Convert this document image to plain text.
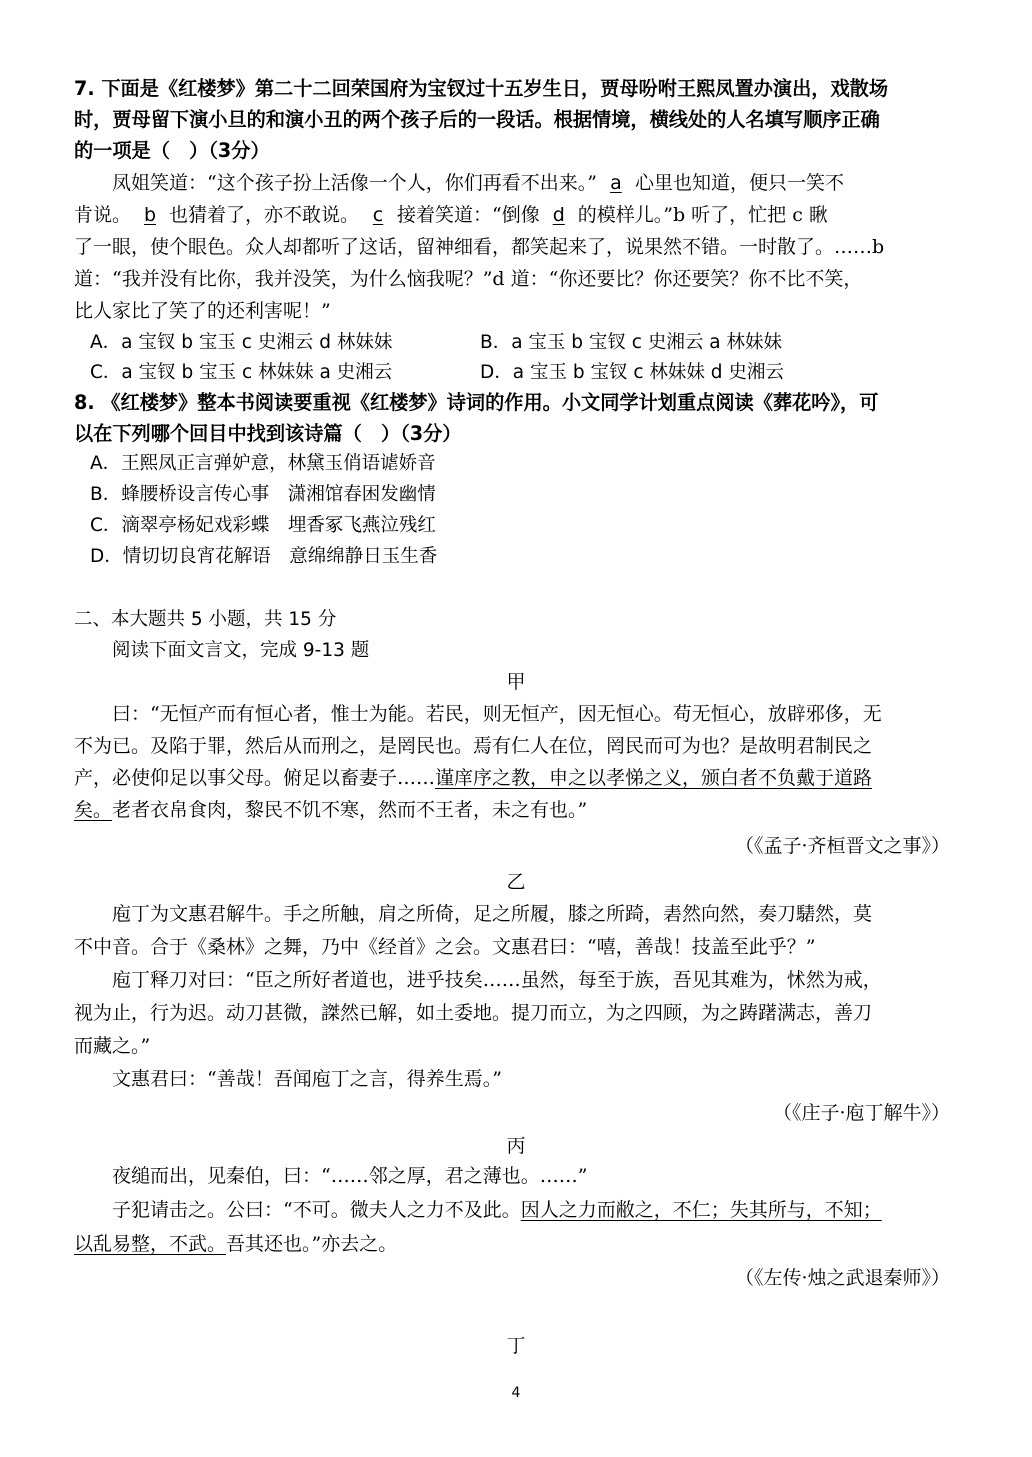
7. 下面是《红楼梦》第二十二回荣国府为宝钗过十五岁生日，贾母吩咐王熙凤置办演出，戏散场
时，贾母留下演小旦的和演小丑的两个孩子后的一段话。根据情境，横线处的人名填写顺序正确
的一项是（　）（3分）
凤姐笑道：“这个孩子扮上活像一个人，你们再看不出来。” a 心里也知道，便只一笑不
肯说。 b 也猜着了，亦不敢说。 c 接着笑道：“倒像 d 的模样儿。”b 听了，忙把 c 瞅
了一眼，使个眼色。众人却都听了这话，留神细看，都笑起来了，说果然不错。一时散了。……b
道：“我并没有比你，我并没笑，为什么恼我呢？”d 道：“你还要比？你还要笑？你不比不笑，
比人家比了笑了的还利害呢！”
A．a 宝钗 b 宝玉 c 史湘云 d 林妹妹	B．a 宝玉 b 宝钗 c 史湘云 a 林妹妹
C．a 宝钗 b 宝玉 c 林妹妹 a 史湘云	D．a 宝玉 b 宝钗 c 林妹妹 d 史湘云
8. 《红楼梦》整本书阅读要重视《红楼梦》诗词的作用。小文同学计划重点阅读《葬花吟》，可
以在下列哪个回目中找到该诗篇（　）（3分）
A．王熙凤正言弹妒意，林黛玉俏语谑娇音
B．蜂腰桥设言传心事　潇湘馆春困发幽情
C．滴翠亭杨妃戏彩蝶　埋香冢飞燕泣残红
D．情切切良宵花解语　意绵绵静日玉生香
二、本大题共 5 小题，共 15 分
阅读下面文言文，完成 9-13 题
甲
曰：“无恒产而有恒心者，惟士为能。若民，则无恒产，因无恒心。苟无恒心，放辟邪侈，无
不为已。及陷于罪，然后从而刑之，是罔民也。焉有仁人在位，罔民而可为也？是故明君制民之
产，必使仰足以事父母。俯足以畜妻子……谨庠序之教，申之以孝悌之义，颁白者不负戴于道路
矣。老者衣帛食肉，黎民不饥不寒，然而不王者，未之有也。”
（《孟子·齐桓晋文之事》）
乙
庖丁为文惠君解牛。手之所触，肩之所倚，足之所履，膝之所踦，砉然向然，奏刀騞然，莫
不中音。合于《桑林》之舞，乃中《经首》之会。文惠君曰：“嘻，善哉！技盖至此乎？”
庖丁释刀对曰：“臣之所好者道也，进乎技矣……虽然，每至于族，吾见其难为，怵然为戒，
视为止，行为迟。动刀甚微，謋然已解，如土委地。提刀而立，为之四顾，为之踌躇满志，善刀
而藏之。”
文惠君曰：“善哉！吾闻庖丁之言，得养生焉。”
（《庄子·庖丁解牛》）
丙
夜缒而出，见秦伯，曰：“……邻之厚，君之薄也。……”
子犯请击之。公曰：“不可。微夫人之力不及此。因人之力而敝之，不仁；失其所与，不知；
以乱易整，不武。吾其还也。”亦去之。
（《左传·烛之武退秦师》）
丁
4
